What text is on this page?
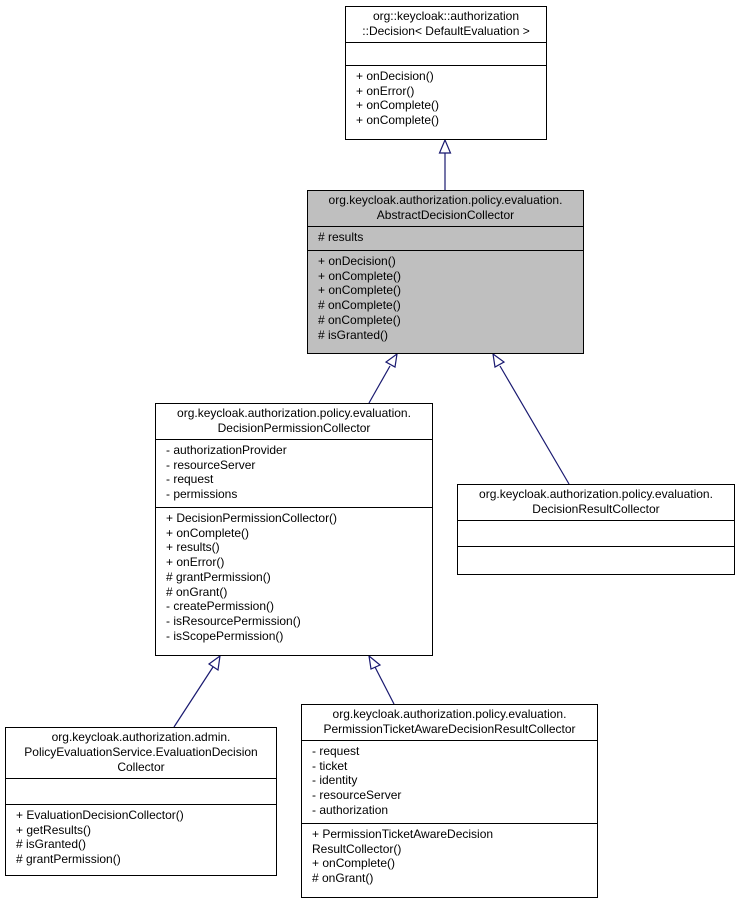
org::keycloak::authorization
::Decision< DefaultEvaluation >
+ onDecision()
+ onError()
+ onComplete()
+ onComplete()
org.keycloak.authorization.policy.evaluation.
AbstractDecisionCollector
# results
+ onDecision()
+ onComplete()
+ onComplete()
# onComplete()
# onComplete()
# isGranted()
org.keycloak.authorization.policy.evaluation.
DecisionPermissionCollector
- authorizationProvider
- resourceServer
- request
- permissions
+ DecisionPermissionCollector()
+ onComplete()
+ results()
+ onError()
# grantPermission()
# onGrant()
- createPermission()
- isResourcePermission()
- isScopePermission()
org.keycloak.authorization.policy.evaluation.
DecisionResultCollector
org.keycloak.authorization.admin.
PolicyEvaluationService.EvaluationDecision
Collector
+ EvaluationDecisionCollector()
+ getResults()
# isGranted()
# grantPermission()
org.keycloak.authorization.policy.evaluation.
PermissionTicketAwareDecisionResultCollector
- request
- ticket
- identity
- resourceServer
- authorization
+ PermissionTicketAwareDecision
ResultCollector()
+ onComplete()
# onGrant()
